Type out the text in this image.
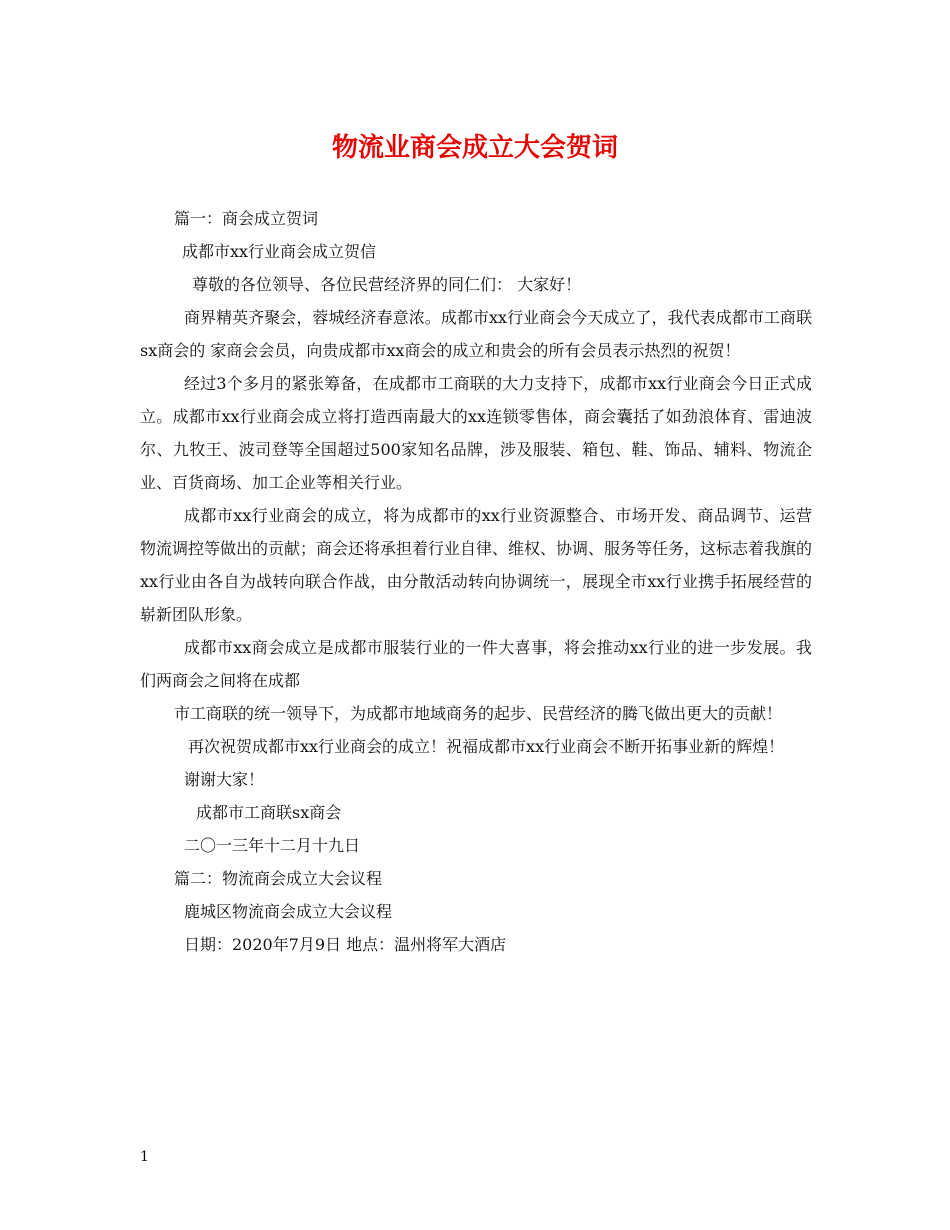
物流业商会成立大会贺词

篇一：商会成立贺词

成都市xx行业商会成立贺信

尊敬的各位领导、各位民营经济界的同仁们： 大家好！

商界精英齐聚会，蓉城经济春意浓。成都市xx行业商会今天成立了，我代表成都市工商联sx商会的 家商会会员，向贵成都市xx商会的成立和贵会的所有会员表示热烈的祝贺！

经过3个多月的紧张筹备，在成都市工商联的大力支持下，成都市xx行业商会今日正式成立。成都市xx行业商会成立将打造西南最大的xx连锁零售体，商会囊括了如劲浪体育、雷迪波尔、九牧王、波司登等全国超过500家知名品牌，涉及服装、箱包、鞋、饰品、辅料、物流企业、百货商场、加工企业等相关行业。

成都市xx行业商会的成立，将为成都市的xx行业资源整合、市场开发、商品调节、运营物流调控等做出的贡献；商会还将承担着行业自律、维权、协调、服务等任务，这标志着我旗的xx行业由各自为战转向联合作战，由分散活动转向协调统一，展现全市xx行业携手拓展经营的崭新团队形象。

成都市xx商会成立是成都市服装行业的一件大喜事，将会推动xx行业的进一步发展。我们两商会之间将在成都

市工商联的统一领导下，为成都市地域商务的起步、民营经济的腾飞做出更大的贡献！

再次祝贺成都市xx行业商会的成立！祝福成都市xx行业商会不断开拓事业新的辉煌！

谢谢大家！

成都市工商联sx商会

二〇一三年十二月十九日

篇二：物流商会成立大会议程

鹿城区物流商会成立大会议程

日期：2020年7月9日 地点：温州将军大酒店

1
